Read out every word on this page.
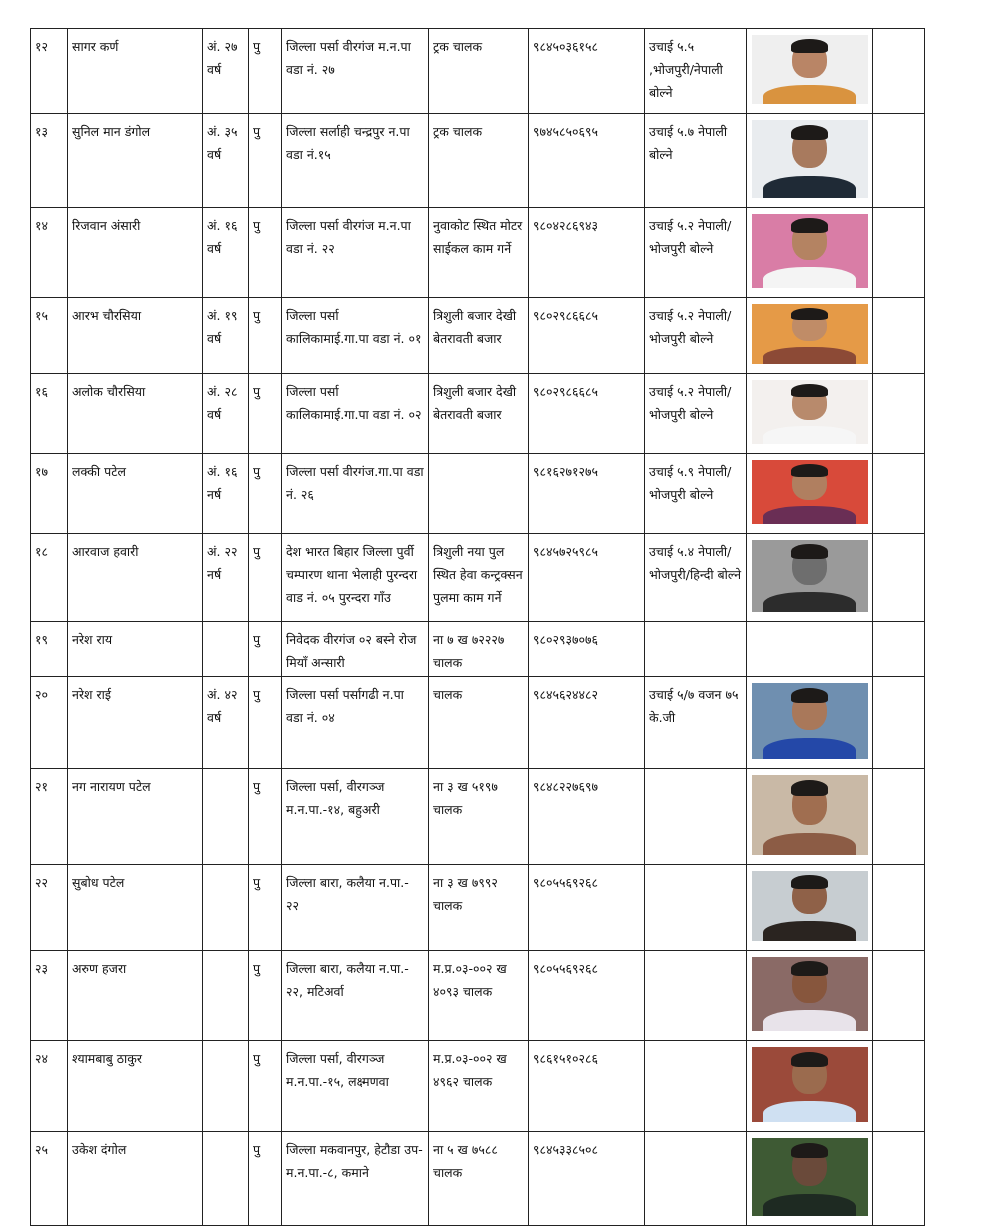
१२	सागर कर्ण	अं. २७ वर्ष	पु	जिल्ला पर्सा वीरगंज म.न.पा वडा नं. २७	ट्रक चालक	९८४५०३६१५८	उचाई ५.५ ,भोजपुरी/नेपाली बोल्ने	

१३	सुनिल मान डंगोल	अं. ३५ वर्ष	पु	जिल्ला सर्लाही चन्द्रपुर न.पा वडा नं.१५	ट्रक चालक	९७४५८५०६९५	उचाई ५.७ नेपाली बोल्ने	

१४	रिजवान अंसारी	अं. १६ वर्ष	पु	जिल्ला पर्सा वीरगंज म.न.पा वडा नं. २२	नुवाकोट स्थित मोटर साईकल काम गर्ने	९८०४२८६९४३	उचाई ५.२ नेपाली/भोजपुरी बोल्ने	

१५	आरभ चौरसिया	अं. १९ वर्ष	पु	जिल्ला पर्सा कालिकामाई.गा.पा वडा नं. ०१	त्रिशुली बजार देखी बेतरावती बजार	९८०२९८६६८५	उचाई ५.२ नेपाली/भोजपुरी बोल्ने	

१६	अलोक चौरसिया	अं. २८ वर्ष	पु	जिल्ला पर्सा कालिकामाई.गा.पा वडा नं. ०२	त्रिशुली बजार देखी बेतरावती बजार	९८०२९८६६८५	उचाई ५.२ नेपाली/भोजपुरी बोल्ने	

१७	लक्की पटेल	अं. १६ नर्ष	पु	जिल्ला पर्सा वीरगंज.गा.पा वडा नं. २६		९८१६२७१२७५	उचाई ५.९ नेपाली/भोजपुरी बोल्ने	

१८	आरवाज हवारी	अं. २२ नर्ष	पु	देश भारत बिहार जिल्ला पुर्वी चम्पारण थाना भेलाही पुरन्दरा वाड नं. ०५ पुरन्दरा गाँउ	त्रिशुली नया पुल स्थित हेवा कन्ट्रक्सन पुलमा काम गर्ने	९८४५७२५९८५	उचाई ५.४ नेपाली/भोजपुरी/हिन्दी बोल्ने	

१९	नरेश राय		पु	निवेदक वीरगंज ०२ बस्ने रोज मियाँ अन्सारी	ना ७ ख ७२२२७ चालक	९८०२९३७०७६			
२०	नरेश राई	अं. ४२ वर्ष	पु	जिल्ला पर्सा पर्सागढी न.पा वडा नं. ०४	चालक	९८४५६२४४८२	उचाई ५/७ वजन ७५ के.जी	

२१	नग नारायण पटेल		पु	जिल्ला पर्सा, वीरगञ्ज म.न.पा.-१४, बहुअरी	ना ३ ख ५१९७ चालक	९८४८२२७६९७		

२२	सुबोध पटेल		पु	जिल्ला बारा, कलैया न.पा.- २२	ना ३ ख ७९९२ चालक	९८०५५६९२६८		

२३	अरुण हजरा		पु	जिल्ला बारा, कलैया न.पा.- २२, मटिअर्वा	म.प्र.०३-००२ ख ४०९३ चालक	९८०५५६९२६८		

२४	श्यामबाबु ठाकुर		पु	जिल्ला पर्सा, वीरगञ्ज म.न.पा.-१५, लक्ष्मणवा	म.प्र.०३-००२ ख ४९६२ चालक	९८६१५१०२८६		

२५	उकेश दंगोल		पु	जिल्ला मकवानपुर, हेटौडा उप-म.न.पा.-८, कमाने	ना ५ ख ७५८८ चालक	९८४५३३८५०८		
